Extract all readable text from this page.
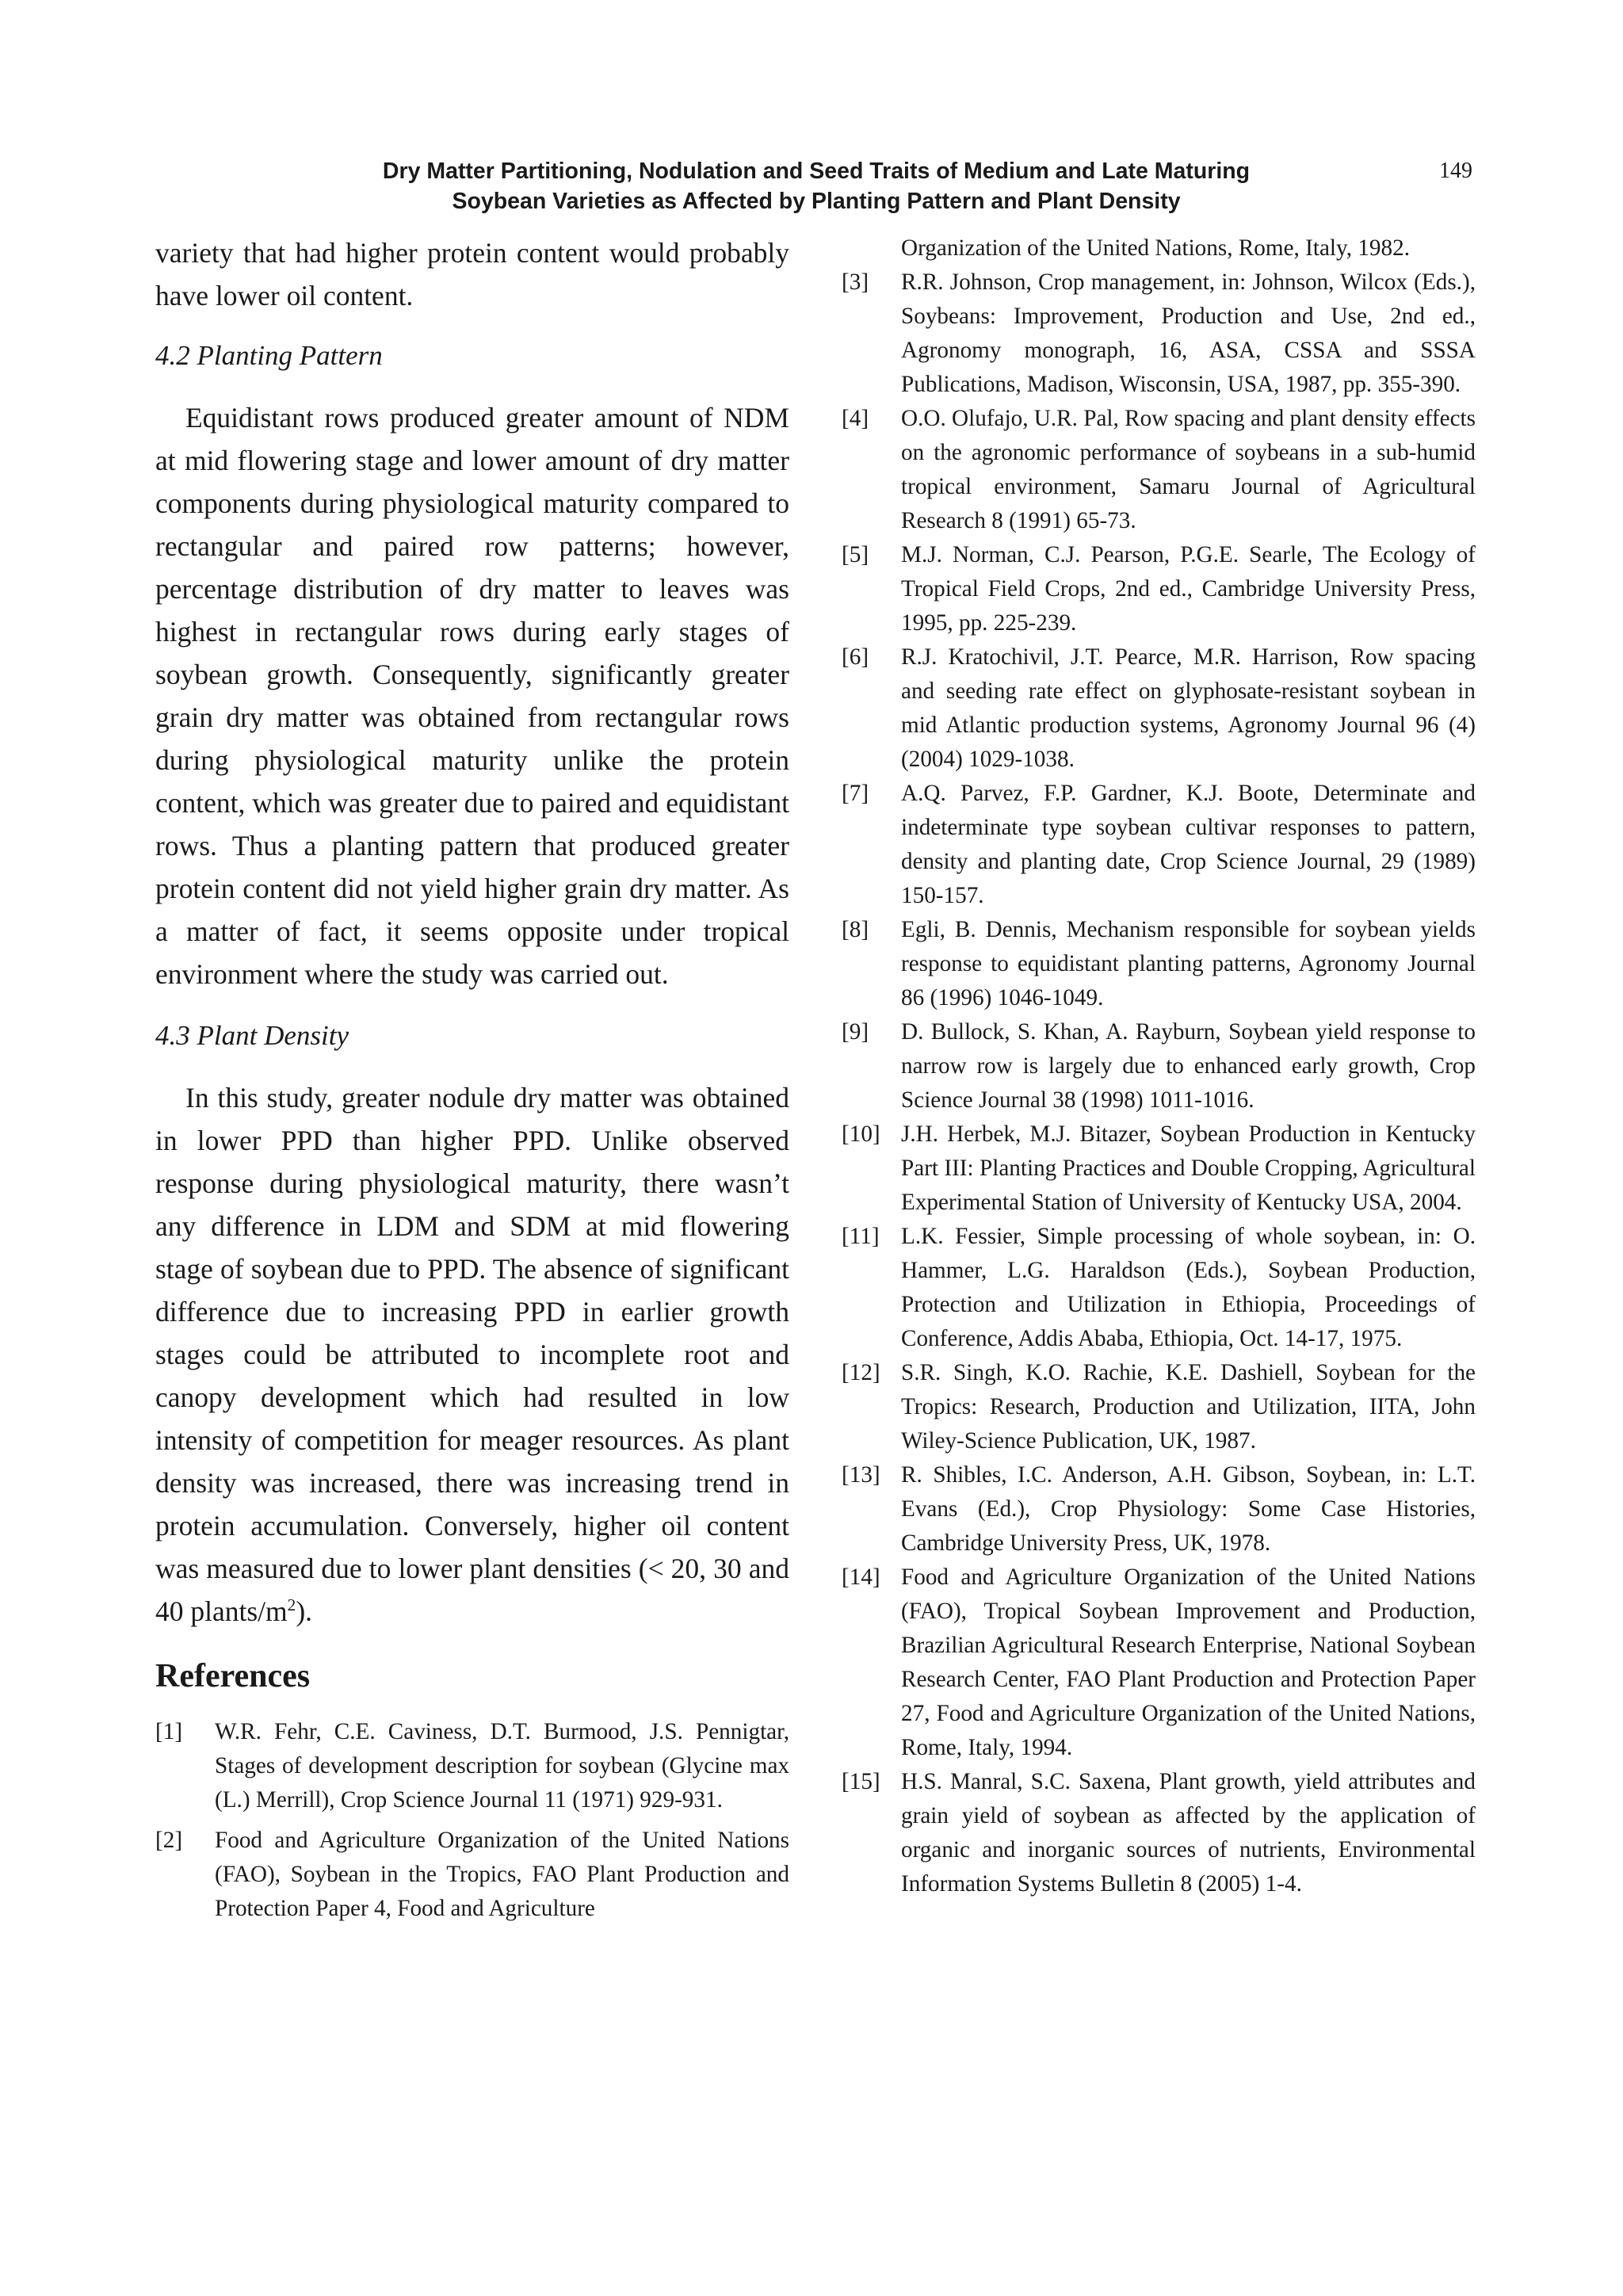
Dry Matter Partitioning, Nodulation and Seed Traits of Medium and Late Maturing
Soybean Varieties as Affected by Planting Pattern and Plant Density
149

variety that had higher protein content would probably have lower oil content.

4.2 Planting Pattern

Equidistant rows produced greater amount of NDM at mid flowering stage and lower amount of dry matter components during physiological maturity compared to rectangular and paired row patterns; however, percentage distribution of dry matter to leaves was highest in rectangular rows during early stages of soybean growth. Consequently, significantly greater grain dry matter was obtained from rectangular rows during physiological maturity unlike the protein content, which was greater due to paired and equidistant rows. Thus a planting pattern that produced greater protein content did not yield higher grain dry matter. As a matter of fact, it seems opposite under tropical environment where the study was carried out.

4.3 Plant Density

In this study, greater nodule dry matter was obtained in lower PPD than higher PPD. Unlike observed response during physiological maturity, there wasn’t any difference in LDM and SDM at mid flowering stage of soybean due to PPD. The absence of significant difference due to increasing PPD in earlier growth stages could be attributed to incomplete root and canopy development which had resulted in low intensity of competition for meager resources. As plant density was increased, there was increasing trend in protein accumulation. Conversely, higher oil content was measured due to lower plant densities (< 20, 30 and 40 plants/$m^2$).

References

[1]	W.R. Fehr, C.E. Caviness, D.T. Burmood, J.S. Pennigtar, Stages of development description for soybean (Glycine max (L.) Merrill), Crop Science Journal 11 (1971) 929-931.
[2]	Food and Agriculture Organization of the United Nations (FAO), Soybean in the Tropics, FAO Plant Production and Protection Paper 4, Food and Agriculture
Organization of the United Nations, Rome, Italy, 1982.
[3]	R.R. Johnson, Crop management, in: Johnson, Wilcox (Eds.), Soybeans: Improvement, Production and Use, 2nd ed., Agronomy monograph, 16, ASA, CSSA and SSSA Publications, Madison, Wisconsin, USA, 1987, pp. 355-390.
[4]	O.O. Olufajo, U.R. Pal, Row spacing and plant density effects on the agronomic performance of soybeans in a sub-humid tropical environment, Samaru Journal of Agricultural Research 8 (1991) 65-73.
[5]	M.J. Norman, C.J. Pearson, P.G.E. Searle, The Ecology of Tropical Field Crops, 2nd ed., Cambridge University Press, 1995, pp. 225-239.
[6]	R.J. Kratochivil, J.T. Pearce, M.R. Harrison, Row spacing and seeding rate effect on glyphosate-resistant soybean in mid Atlantic production systems, Agronomy Journal 96 (4) (2004) 1029-1038.
[7]	A.Q. Parvez, F.P. Gardner, K.J. Boote, Determinate and indeterminate type soybean cultivar responses to pattern, density and planting date, Crop Science Journal, 29 (1989) 150-157.
[8]	Egli, B. Dennis, Mechanism responsible for soybean yields response to equidistant planting patterns, Agronomy Journal 86 (1996) 1046-1049.
[9]	D. Bullock, S. Khan, A. Rayburn, Soybean yield response to narrow row is largely due to enhanced early growth, Crop Science Journal 38 (1998) 1011-1016.
[10] J.H. Herbek, M.J. Bitazer, Soybean Production in Kentucky Part III: Planting Practices and Double Cropping, Agricultural Experimental Station of University of Kentucky USA, 2004.
[11] L.K. Fessier, Simple processing of whole soybean, in: O. Hammer, L.G. Haraldson (Eds.), Soybean Production, Protection and Utilization in Ethiopia, Proceedings of Conference, Addis Ababa, Ethiopia, Oct. 14-17, 1975.
[12] S.R. Singh, K.O. Rachie, K.E. Dashiell, Soybean for the Tropics: Research, Production and Utilization, IITA, John Wiley-Science Publication, UK, 1987.
[13] R. Shibles, I.C. Anderson, A.H. Gibson, Soybean, in: L.T. Evans (Ed.), Crop Physiology: Some Case Histories, Cambridge University Press, UK, 1978.
[14] Food and Agriculture Organization of the United Nations (FAO), Tropical Soybean Improvement and Production, Brazilian Agricultural Research Enterprise, National Soybean Research Center, FAO Plant Production and Protection Paper 27, Food and Agriculture Organization of the United Nations, Rome, Italy, 1994.
[15] H.S. Manral, S.C. Saxena, Plant growth, yield attributes and grain yield of soybean as affected by the application of organic and inorganic sources of nutrients, Environmental Information Systems Bulletin 8 (2005) 1-4.
